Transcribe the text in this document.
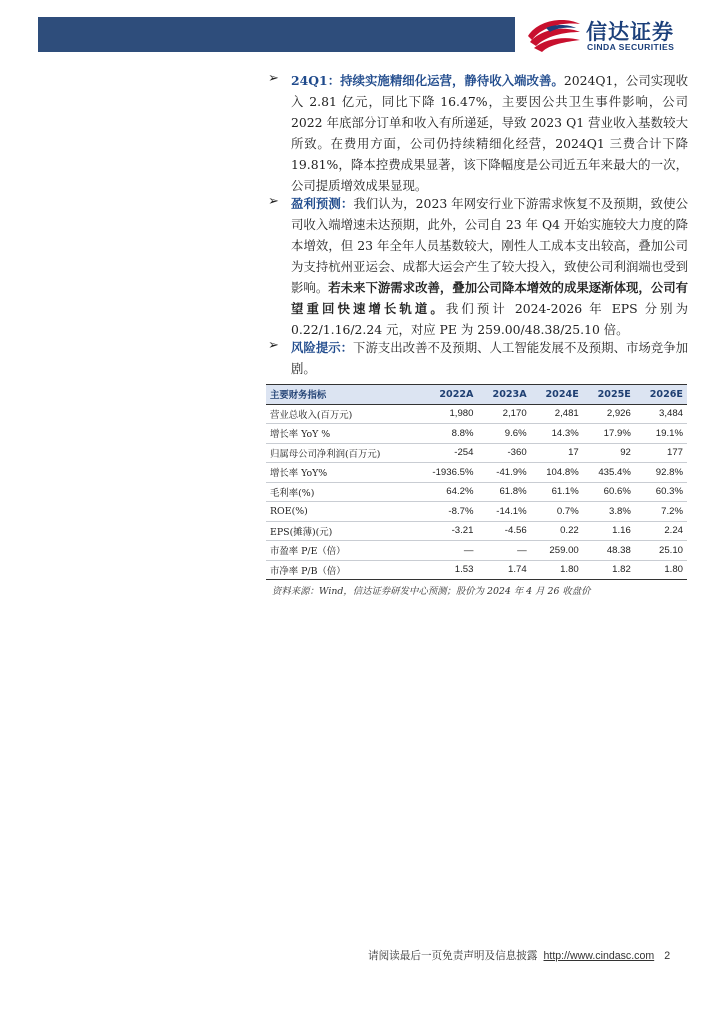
信达证券
CINDA SECURITIES
➢ 24Q1：持续实施精细化运营，静待收入端改善。2024Q1，公司实现收入 2.81 亿元，同比下降 16.47%，主要因公共卫生事件影响，公司 2022 年底部分订单和收入有所递延，导致 2023 Q1 营业收入基数较大所致。在费用方面，公司仍持续精细化经营，2024Q1 三费合计下降 19.81%，降本控费成果显著，该下降幅度是公司近五年来最大的一次，公司提质增效成果显现。
➢ 盈利预测：我们认为，2023 年网安行业下游需求恢复不及预期，致使公司收入端增速未达预期，此外，公司自 23 年 Q4 开始实施较大力度的降本增效，但 23 年全年人员基数较大，刚性人工成本支出较高，叠加公司为支持杭州亚运会、成都大运会产生了较大投入，致使公司利润端也受到影响。若未来下游需求改善，叠加公司降本增效的成果逐渐体现，公司有望重回快速增长轨道。我们预计 2024-2026 年 EPS 分别为 0.22/1.16/2.24 元，对应 PE 为 259.00/48.38/25.10 倍。
➢ 风险提示：下游支出改善不及预期、人工智能发展不及预期、市场竞争加剧。
主要财务指标	2022A	2023A	2024E	2025E	2026E
营业总收入(百万元)	1,980	2,170	2,481	2,926	3,484
增长率 YoY %	8.8%	9.6%	14.3%	17.9%	19.1%
归属母公司净利润(百万元)	-254	-360	17	92	177
增长率 YoY%	-1936.5%	-41.9%	104.8%	435.4%	92.8%
毛利率(%)	64.2%	61.8%	61.1%	60.6%	60.3%
ROE(%)	-8.7%	-14.1%	0.7%	3.8%	7.2%
EPS(摊薄)(元)	-3.21	-4.56	0.22	1.16	2.24
市盈率 P/E（倍）	—	—	259.00	48.38	25.10
市净率 P/B（倍）	1.53	1.74	1.80	1.82	1.80
资料来源：Wind，信达证券研发中心预测；股价为 2024 年 4 月 26 收盘价
请阅读最后一页免责声明及信息披露 http://www.cindasc.com 2
